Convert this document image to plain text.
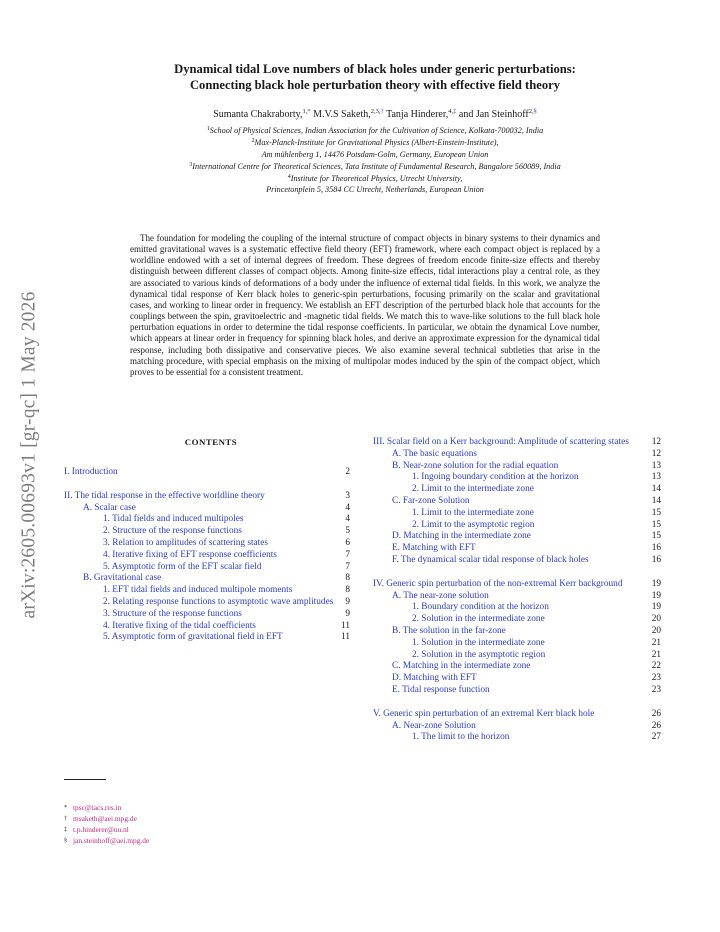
arXiv:2605.00693v1 [gr-qc] 1 May 2026
Dynamical tidal Love numbers of black holes under generic perturbations:
Connecting black hole perturbation theory with effective field theory
Sumanta Chakraborty,$^{1,*}$ M.V.S Saketh,$^{2,3,\dagger}$ Tanja Hinderer,$^{4,\ddagger}$ and Jan Steinhoff$^{2,\S}$
$^1$School of Physical Sciences, Indian Association for the Cultivation of Science, Kolkata-700032, India
$^2$Max-Planck-Institute for Gravitational Physics (Albert-Einstein-Institute),
Am mühlenberg 1, 14476 Potsdam-Golm, Germany, European Union
$^3$International Centre for Theoretical Sciences, Tata Institute of Fundamental Research, Bangalore 560089, India
$^4$Institute for Theoretical Physics, Utrecht University,
Princetonplein 5, 3584 CC Utrecht, Netherlands, European Union

The foundation for modeling the coupling of the internal structure of compact objects in binary systems to their dynamics and emitted gravitational waves is a systematic effective field theory (EFT) framework, where each compact object is replaced by a worldline endowed with a set of internal degrees of freedom. These degrees of freedom encode finite-size effects and thereby distinguish between different classes of compact objects. Among finite-size effects, tidal interactions play a central role, as they are associated to various kinds of deformations of a body under the influence of external tidal fields. In this work, we analyze the dynamical tidal response of Kerr black holes to generic-spin perturbations, focusing primarily on the scalar and gravitational cases, and working to linear order in frequency. We establish an EFT description of the perturbed black hole that accounts for the couplings between the spin, gravitoelectric and -magnetic tidal fields. We match this to wave-like solutions to the full black hole perturbation equations in order to determine the tidal response coefficients. In particular, we obtain the dynamical Love number, which appears at linear order in frequency for spinning black holes, and derive an approximate expression for the dynamical tidal response, including both dissipative and conservative pieces. We also examine several technical subtleties that arise in the matching procedure, with special emphasis on the mixing of multipolar modes induced by the spin of the compact object, which proves to be essential for a consistent treatment.

CONTENTS
I. Introduction	2
II. The tidal response in the effective worldline theory	3
A. Scalar case	4
1. Tidal fields and induced multipoles	4
2. Structure of the response functions	5
3. Relation to amplitudes of scattering states	6
4. Iterative fixing of EFT response coefficients	7
5. Asymptotic form of the EFT scalar field	7
B. Gravitational case	8
1. EFT tidal fields and induced multipole moments	8
2. Relating response functions to asymptotic wave amplitudes	9
3. Structure of the response functions	9
4. Iterative fixing of the tidal coefficients	11
5. Asymptotic form of gravitational field in EFT	11
III. Scalar field on a Kerr background: Amplitude of scattering states	12
A. The basic equations	12
B. Near-zone solution for the radial equation	13
1. Ingoing boundary condition at the horizon	13
2. Limit to the intermediate zone	14
C. Far-zone Solution	14
1. Limit to the intermediate zone	15
2. Limit to the asymptotic region	15
D. Matching in the intermediate zone	15
E. Matching with EFT	16
F. The dynamical scalar tidal response of black holes	16
IV. Generic spin perturbation of the non-extremal Kerr background	19
A. The near-zone solution	19
1. Boundary condition at the horizon	19
2. Solution in the intermediate zone	20
B. The solution in the far-zone	20
1. Solution in the intermediate zone	21
2. Solution in the asymptotic region	21
C. Matching in the intermediate zone	22
D. Matching with EFT	23
E. Tidal response function	23
V. Generic spin perturbation of an extremal Kerr black hole	26
A. Near-zone Solution	26
1. The limit to the horizon	27
* tpsc@iacs.res.in
† msaketh@aei.mpg.de
‡ t.p.hinderer@uu.nl
§ jan.steinhoff@aei.mpg.de
